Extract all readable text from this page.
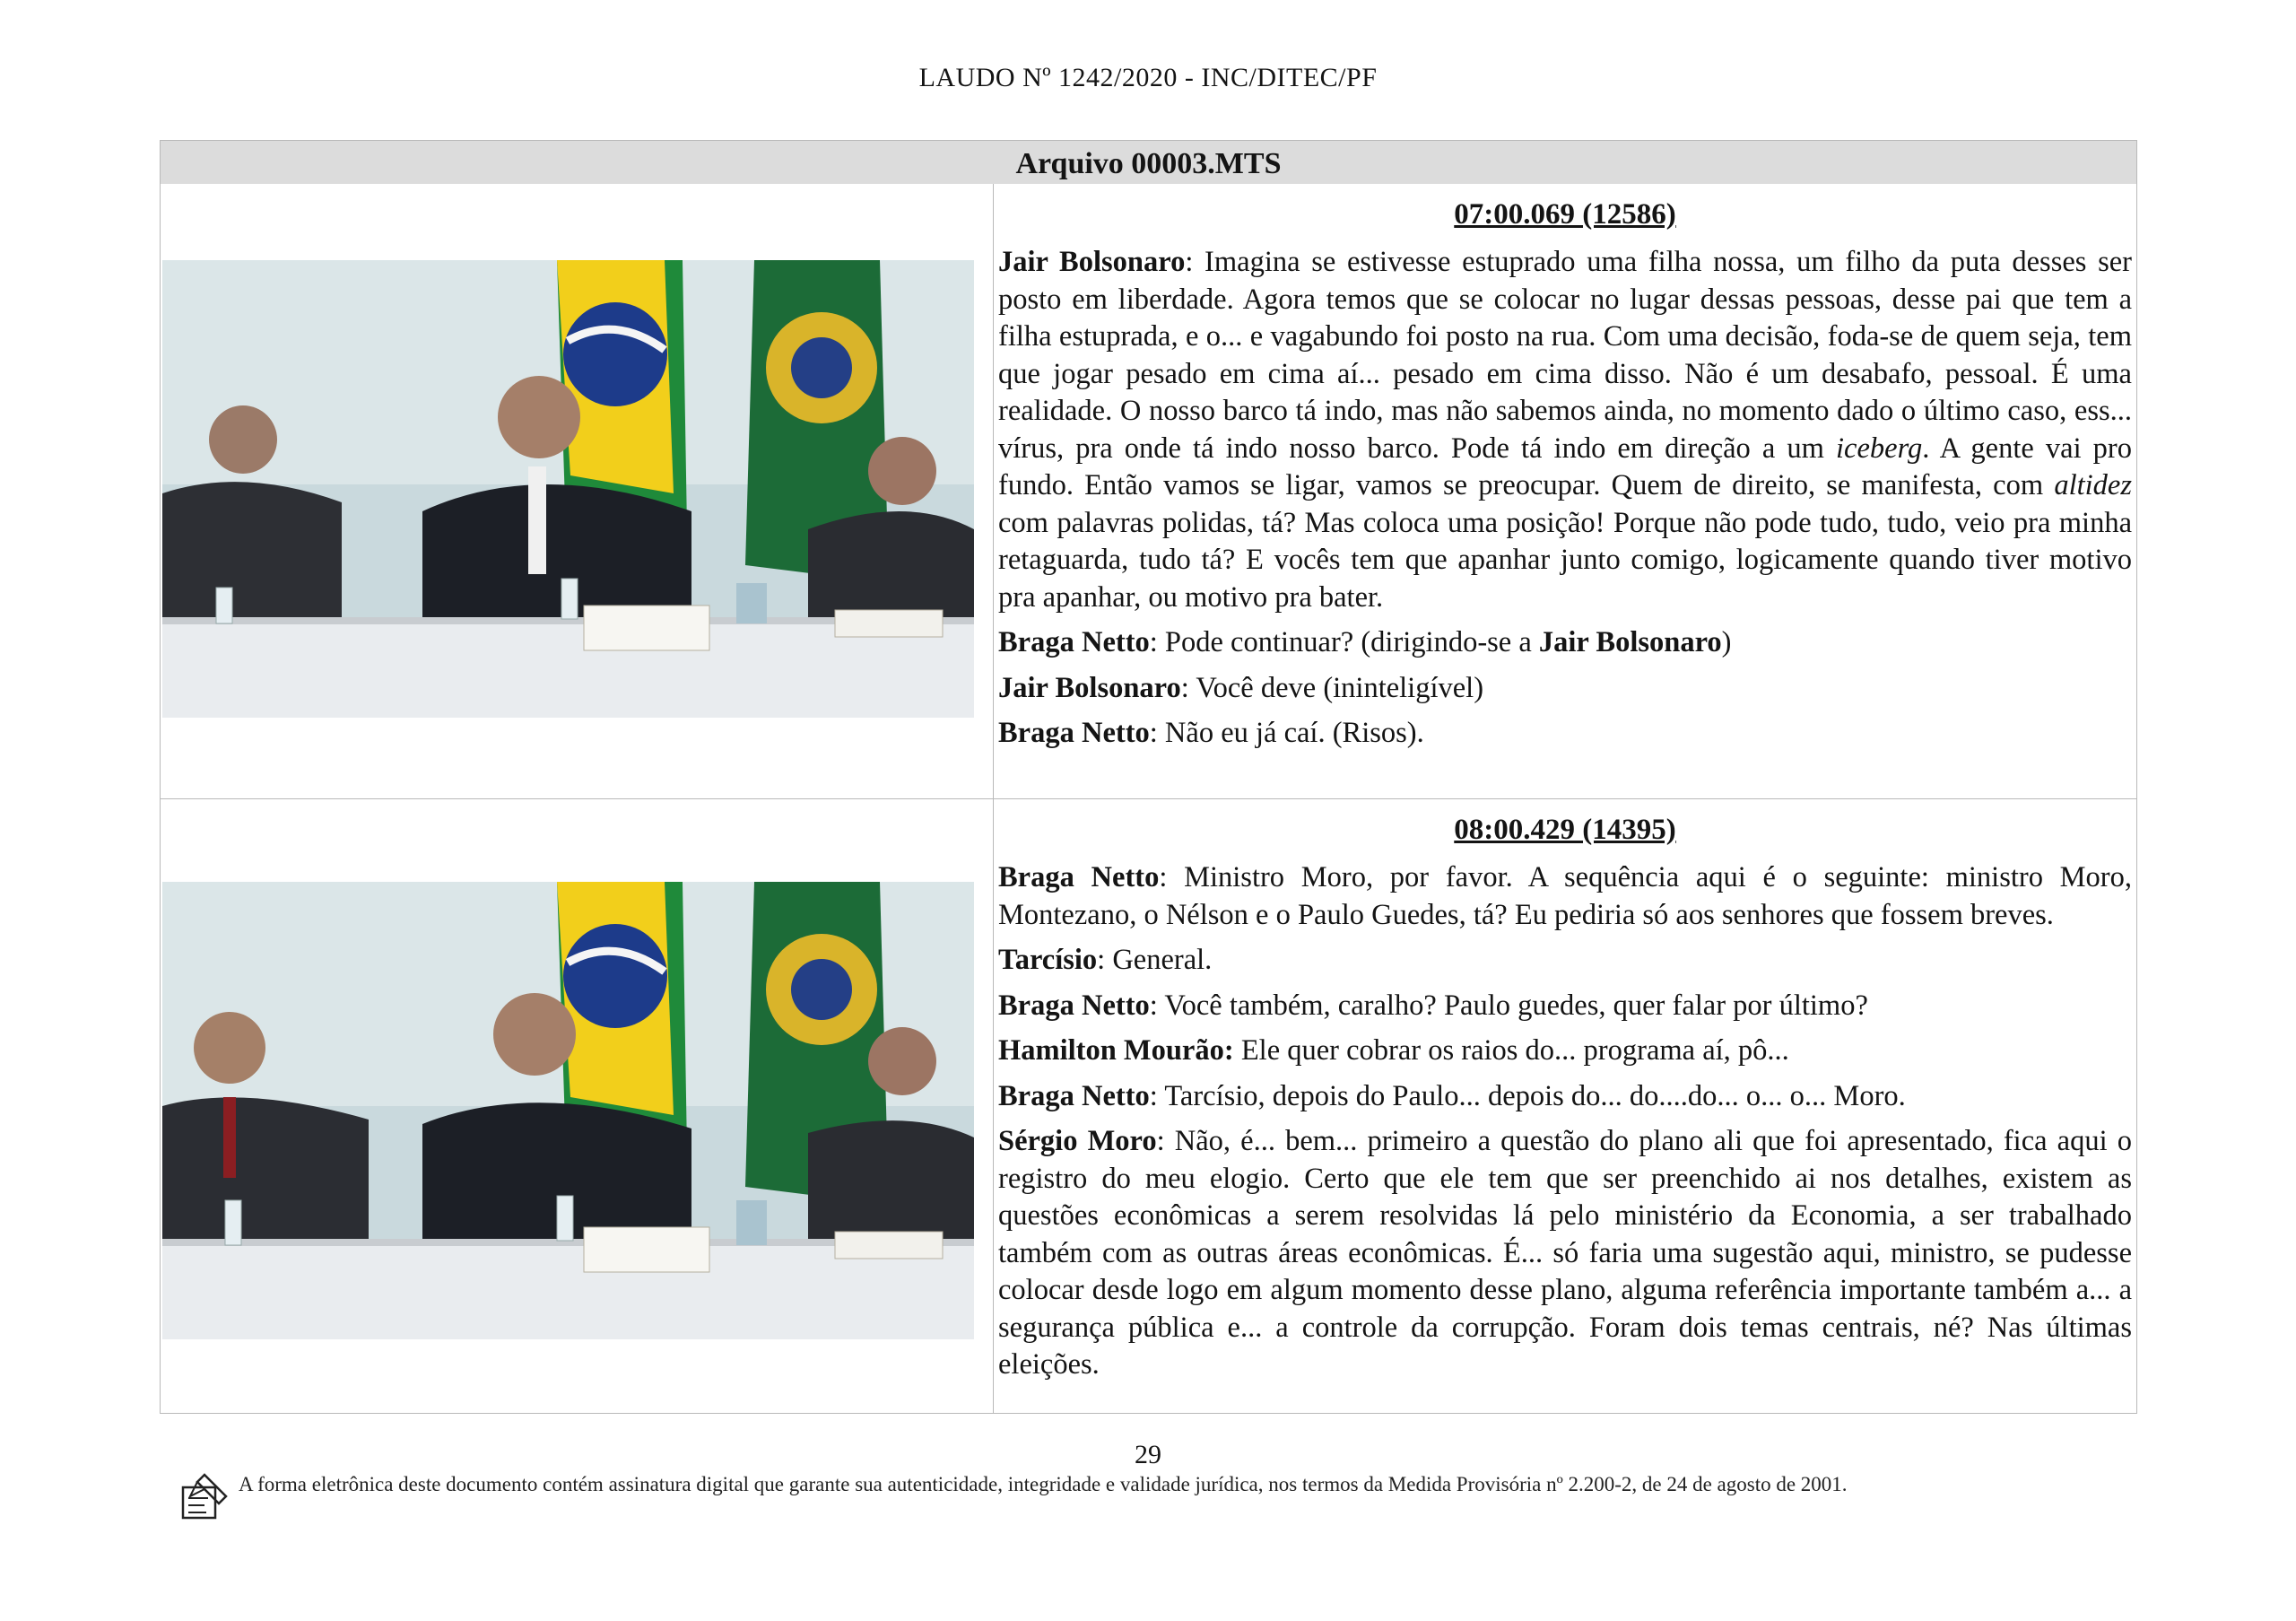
LAUDO Nº 1242/2020 - INC/DITEC/PF
Arquivo 00003.MTS
07:00.069 (12586)

Jair Bolsonaro: Imagina se estivesse estuprado uma filha nossa, um filho da puta desses ser posto em liberdade. Agora temos que se colocar no lugar dessas pessoas, desse pai que tem a filha estuprada, e o... e vagabundo foi posto na rua. Com uma decisão, foda-se de quem seja, tem que jogar pesado em cima aí... pesado em cima disso. Não é um desabafo, pessoal. É uma realidade. O nosso barco tá indo, mas não sabemos ainda, no momento dado o último caso, ess... vírus, pra onde tá indo nosso barco. Pode tá indo em direção a um iceberg. A gente vai pro fundo. Então vamos se ligar, vamos se preocupar. Quem de direito, se manifesta, com altidez com palavras polidas, tá? Mas coloca uma posição! Porque não pode tudo, tudo, veio pra minha retaguarda, tudo tá? E vocês tem que apanhar junto comigo, logicamente quando tiver motivo pra apanhar, ou motivo pra bater.

Braga Netto: Pode continuar? (dirigindo-se a Jair Bolsonaro)

Jair Bolsonaro: Você deve (ininteligível)

Braga Netto: Não eu já caí. (Risos).

08:00.429 (14395)

Braga Netto: Ministro Moro, por favor. A sequência aqui é o seguinte: ministro Moro, Montezano, o Nélson e o Paulo Guedes, tá? Eu pediria só aos senhores que fossem breves.

Tarcísio: General.

Braga Netto: Você também, caralho? Paulo guedes, quer falar por último?

Hamilton Mourão: Ele quer cobrar os raios do... programa aí, pô...

Braga Netto: Tarcísio, depois do Paulo... depois do... do....do... o... o... Moro.

Sérgio Moro: Não, é... bem... primeiro a questão do plano ali que foi apresentado, fica aqui o registro do meu elogio. Certo que ele tem que ser preenchido ai nos detalhes, existem as questões econômicas a serem resolvidas lá pelo ministério da Economia, a ser trabalhado também com as outras áreas econômicas. É... só faria uma sugestão aqui, ministro, se pudesse colocar desde logo em algum momento desse plano, alguma referência importante também a... a segurança pública e... a controle da corrupção. Foram dois temas centrais, né? Nas últimas eleições.

29
A forma eletrônica deste documento contém assinatura digital que garante sua autenticidade, integridade e validade jurídica, nos termos da Medida Provisória nº 2.200-2, de 24 de agosto de 2001.
